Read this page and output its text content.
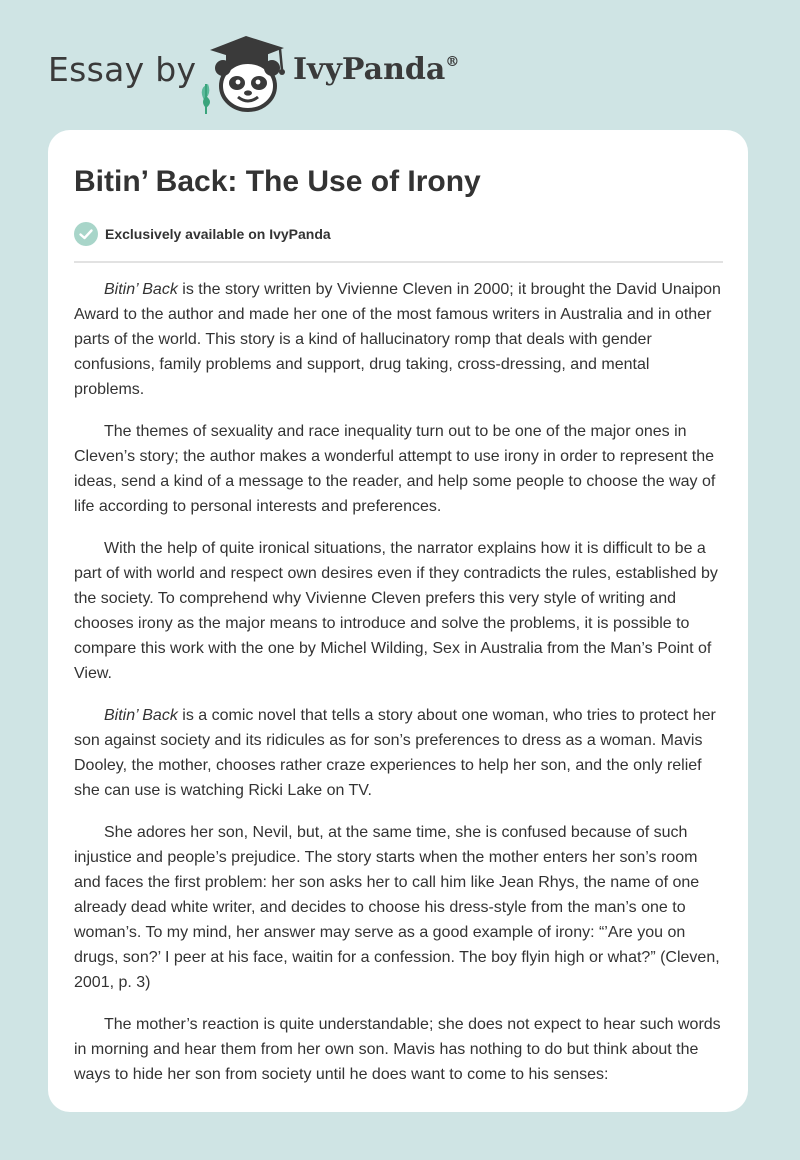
Essay by	IvyPanda®
Bitin’ Back: The Use of Irony
Exclusively available on IvyPanda

Bitin’ Back is the story written by Vivienne Cleven in 2000; it brought the David Unaipon Award to the author and made her one of the most famous writers in Australia and in other parts of the world. This story is a kind of hallucinatory romp that deals with gender confusions, family problems and support, drug taking, cross-dressing, and mental problems.

The themes of sexuality and race inequality turn out to be one of the major ones in Cleven’s story; the author makes a wonderful attempt to use irony in order to represent the ideas, send a kind of a message to the reader, and help some people to choose the way of life according to personal interests and preferences.

With the help of quite ironical situations, the narrator explains how it is difficult to be a part of with world and respect own desires even if they contradicts the rules, established by the society. To comprehend why Vivienne Cleven prefers this very style of writing and chooses irony as the major means to introduce and solve the problems, it is possible to compare this work with the one by Michel Wilding, Sex in Australia from the Man’s Point of View.

Bitin’ Back is a comic novel that tells a story about one woman, who tries to protect her son against society and its ridicules as for son’s preferences to dress as a woman. Mavis Dooley, the mother, chooses rather craze experiences to help her son, and the only relief she can use is watching Ricki Lake on TV.

She adores her son, Nevil, but, at the same time, she is confused because of such injustice and people’s prejudice. The story starts when the mother enters her son’s room and faces the first problem: her son asks her to call him like Jean Rhys, the name of one already dead white writer, and decides to choose his dress-style from the man’s one to woman’s. To my mind, her answer may serve as a good example of irony: “’Are you on drugs, son?’ I peer at his face, waitin for a confession. The boy flyin high or what?” (Cleven, 2001, p. 3)

The mother’s reaction is quite understandable; she does not expect to hear such words in morning and hear them from her own son. Mavis has nothing to do but think about the ways to hide her son from society until he does want to come to his senses:
